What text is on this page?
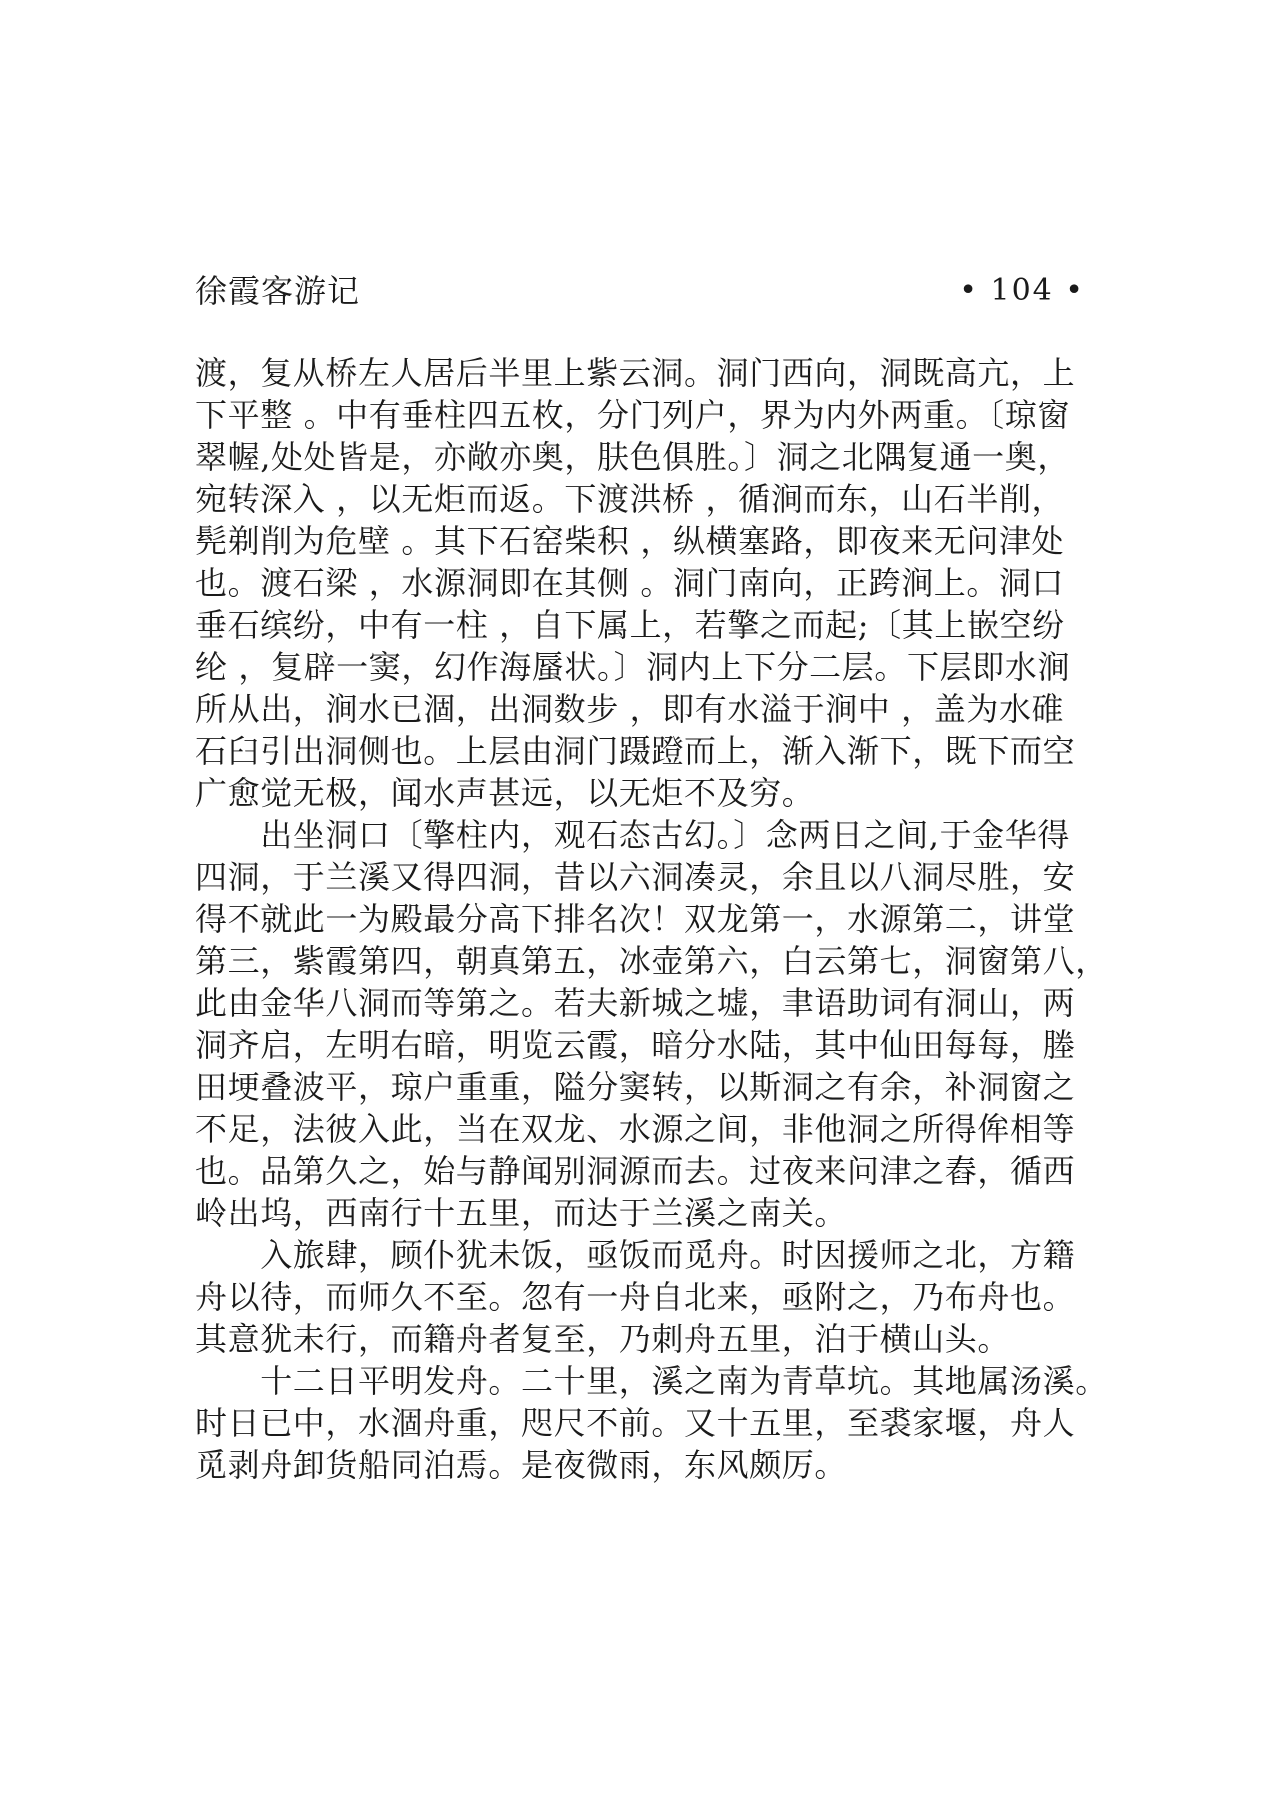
徐霞客游记	• 104 •
渡，复从桥左人居后半里上紫云洞。洞门西向，洞既高亢，上
下平整 。中有垂柱四五枚，分门列户，界为内外两重。〔琼窗
翠幄,处处皆是，亦敞亦奥，肤色俱胜。〕洞之北隅复通一奥，
宛转深入 ，以无炬而返。下渡洪桥 ，循涧而东，山石半削，
髡剃削为危壁 。其下石窑柴积 ，纵横塞路，即夜来无问津处
也。渡石梁 ，水源洞即在其侧 。洞门南向，正跨涧上。洞口
垂石缤纷，中有一柱 ，自下属上，若擎之而起;〔其上嵌空纷
纶 ，复辟一窦，幻作海蜃状。〕洞内上下分二层。下层即水涧
所从出，涧水已涸，出洞数步 ，即有水溢于涧中 ，盖为水碓
石臼引出洞侧也。上层由洞门蹑蹬而上，渐入渐下，既下而空
广愈觉无极，闻水声甚远，以无炬不及穷。
　　出坐洞口〔擎柱内，观石态古幻。〕念两日之间,于金华得
四洞，于兰溪又得四洞，昔以六洞凑灵，余且以八洞尽胜，安
得不就此一为殿最分高下排名次！双龙第一，水源第二，讲堂
第三，紫霞第四，朝真第五，冰壶第六，白云第七，洞窗第八，
此由金华八洞而等第之。若夫新城之墟，聿语助词有洞山，两
洞齐启，左明右暗，明览云霞，暗分水陆，其中仙田每每，塍
田埂叠波平，琼户重重，隘分窦转，以斯洞之有余，补洞窗之
不足，法彼入此，当在双龙、水源之间，非他洞之所得侔相等
也。品第久之，始与静闻别洞源而去。过夜来问津之舂，循西
岭出坞，西南行十五里，而达于兰溪之南关。
　　入旅肆，顾仆犹未饭，亟饭而觅舟。时因援师之北，方籍
舟以待，而师久不至。忽有一舟自北来，亟附之，乃布舟也。
其意犹未行，而籍舟者复至，乃刺舟五里，泊于横山头。
　　十二日平明发舟。二十里，溪之南为青草坑。其地属汤溪。
时日已中，水涸舟重，咫尺不前。又十五里，至裘家堰，舟人
觅剥舟卸货船同泊焉。是夜微雨，东风颇厉。
